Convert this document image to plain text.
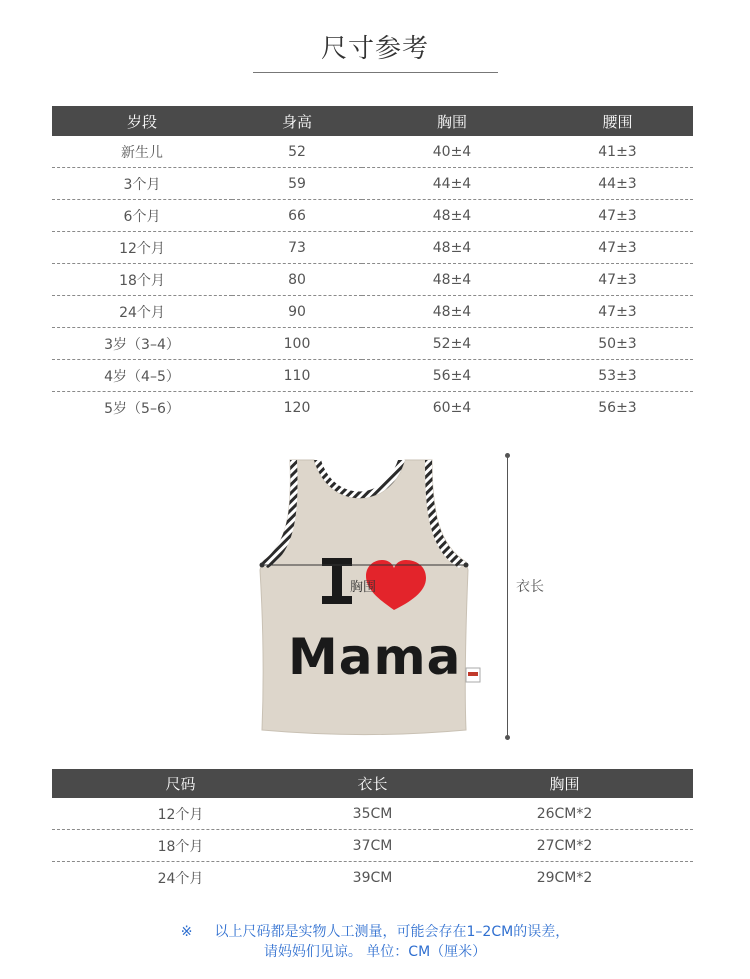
尺寸参考
岁段	身高	胸围	腰围
新生儿	52	40±4	41±3
3个月	59	44±4	44±3
6个月	66	48±4	47±3
12个月	73	48±4	47±3
18个月	80	48±4	47±3
24个月	90	48±4	47±3
3岁（3–4）	100	52±4	50±3
4岁（4–5）	110	56±4	53±3
5岁（5–6）	120	60±4	56±3
Mama
胸围	衣长
尺码	衣长	胸围
12个月	35CM	26CM*2
18个月	37CM	27CM*2
24个月	39CM	29CM*2
※ 以上尺码都是实物人工测量，可能会存在1–2CM的误差，
请妈妈们见谅。 单位：CM（厘米）
